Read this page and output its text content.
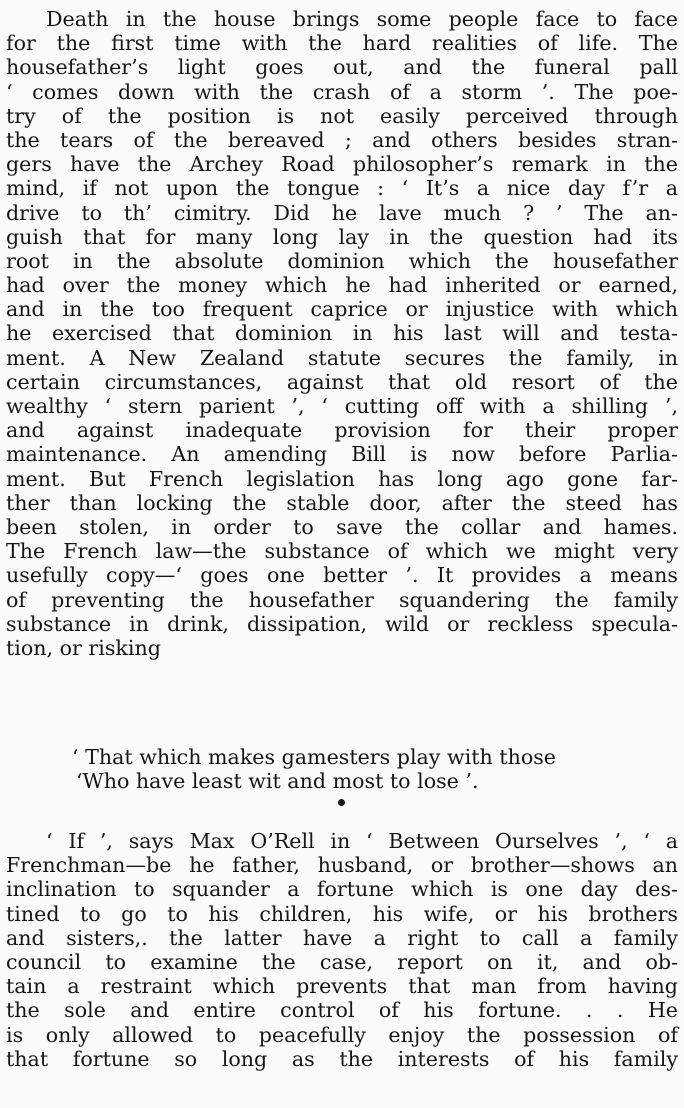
Death in the house brings some people face to face
for the first time with the hard realities of life. The
housefather’s light goes out, and the funeral pall
‘ comes down with the crash of a storm ’. The poe-
try of the position is not easily perceived through
the tears of the bereaved ; and others besides stran-
gers have the Archey Road philosopher’s remark in the
mind, if not upon the tongue : ‘ It’s a nice day f’r a
drive to th’ cimitry. Did he lave much ? ’ The an-
guish that for many long lay in the question had its
root in the absolute dominion which the housefather
had over the money which he had inherited or earned,
and in the too frequent caprice or injustice with which
he exercised that dominion in his last will and testa-
ment. A New Zealand statute secures the family, in
certain circumstances, against that old resort of the
wealthy ‘ stern parient ’, ‘ cutting off with a shilling ’,
and against inadequate provision for their proper
maintenance. An amending Bill is now before Parlia-
ment. But French legislation has long ago gone far-
ther than locking the stable door, after the steed has
been stolen, in order to save the collar and hames.
The French law—the substance of which we might very
usefully copy—‘ goes one better ’. It provides a means
of preventing the housefather squandering the family
substance in drink, dissipation, wild or reckless specula-
tion, or risking
‘ That which makes gamesters play with those
‘Who have least wit and most to lose ’.
‘ If ’, says Max O’Rell in ‘ Between Ourselves ’, ‘ a
Frenchman—be he father, husband, or brother—shows an
inclination to squander a fortune which is one day des-
tined to go to his children, his wife, or his brothers
and sisters,. the latter have a right to call a family
council to examine the case, report on it, and ob-
tain a restraint which prevents that man from having
the sole and entire control of his fortune. . . He
is only allowed to peacefully enjoy the possession of
that fortune so long as the interests of his family
